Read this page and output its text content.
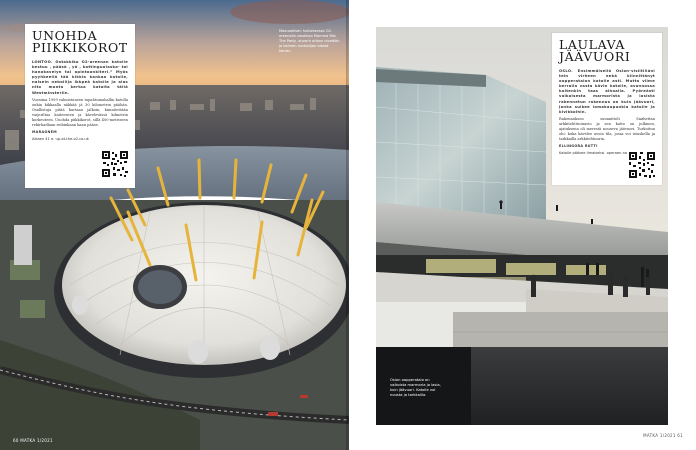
UNOHDA PIIKKIKOROT

LONTOO. Ostakkiko O2-areenan katolle kestuu ‚ pääsö ‚ yö ‚ kattinguolaska- tai hanokavelyn tai opintoonkiteri.” Myös pyyhkeellä tää kikkia kankaa katolle, naisein nebollija ikkpeä katolle ja alas nito monta kertaa katolta tällä Westminsteriin.

Vuosima 1999 valmistuneen tapahtumahallin katolla onkin kikkaalla näkkää jä 30 kilometrin päähän. Osallistuja pitää kurtaan jalkoin, kiinnitettään vaijeriltaa kaiteeseen ja kävelevässä kilmetrin korkeuteen. Unohda piikkikorot, sillä 400-metriseen rekirhadlaan reihinkaan kaan pääse.

MARAGNEM

Alkaen 41 e. up-at-the-o2.co.uk

Maauaalisen huikaksessa O2-areenalla vasalkaa Mamma Mia The Party -show'n ohkon niveälän ja kolmen ruokailijan oikeat kerran.
60 MATKA 1/2021
LAULAVA JÄÄVUORI

OSLO. Ensimmäisellä Oslon-visiitilläni tein virheen enkä kiinnittänyt oopperatalon katolle asti. Mutta viime kerralla vasta kävin katolle, avannossa kuitenkin taas alhaalla. Pyöreästi valkoisesta marmorista ja lasista rakennetun rakennus on kuin jäävuori, jonka sulkee lomakaupunkia katolle ja kivikkoihin.

Rakennuksen suunnitteli Snøhettan arkkitehtitoimisto ja sen katto on julkinen, ajatuksena oli merestä nouseva jäävuori. Turkoitun ohi: kuka kävelee avoin tila, jossa voi istuskella ja tarkkailla arkkitehtuuria.

ELLINGORA RUTTI

Katolle pääsee ilmaiseksi. operaen.no

Oslon oopperatalo on valkoista marmoria ja lasia, kuin jäävuori. Katolle voi nousta ja tarkkailla.
MATKA 1/2021 61
